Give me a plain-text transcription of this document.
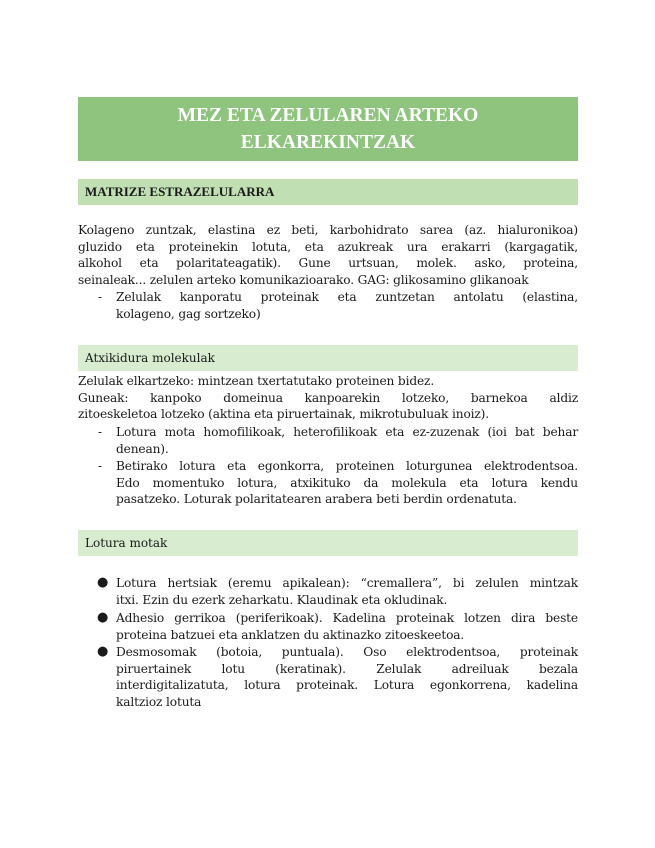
MEZ ETA ZELULAREN ARTEKO
ELKAREKINTZAK
MATRIZE ESTRAZELULARRA
Kolageno zuntzak, elastina ez beti, karbohidrato sarea (az. hialuronikoa)
gluzido eta proteinekin lotuta, eta azukreak ura erakarri (kargagatik,
alkohol eta polaritateagatik). Gune urtsuan, molek. asko, proteina,
seinaleak... zelulen arteko komunikazioarako. GAG: glikosamino glikanoak
- Zelulak kanporatu proteinak eta zuntzetan antolatu (elastina,
kolageno, gag sortzeko)
Atxikidura molekulak
Zelulak elkartzeko: mintzean txertatutako proteinen bidez.
Guneak: kanpoko domeinua kanpoarekin lotzeko, barnekoa aldiz
zitoeskeletoa lotzeko (aktina eta piruertainak, mikrotubuluak inoiz).
- Lotura mota homofilikoak, heterofilikoak eta ez-zuzenak (ioi bat behar
denean).
- Betirako lotura eta egonkorra, proteinen loturgunea elektrodentsoa.
Edo momentuko lotura, atxikituko da molekula eta lotura kendu
pasatzeko. Loturak polaritatearen arabera beti berdin ordenatuta.
Lotura motak
● Lotura hertsiak (eremu apikalean): “cremallera”, bi zelulen mintzak
itxi. Ezin du ezerk zeharkatu. Klaudinak eta okludinak.
● Adhesio gerrikoa (periferikoak). Kadelina proteinak lotzen dira beste
proteina batzuei eta anklatzen du aktinazko zitoeskeetoa.
● Desmosomak (botoia, puntuala). Oso elektrodentsoa, proteinak
piruertainek lotu (keratinak). Zelulak adreiluak bezala
interdigitalizatuta, lotura proteinak. Lotura egonkorrena, kadelina
kaltzioz lotuta
